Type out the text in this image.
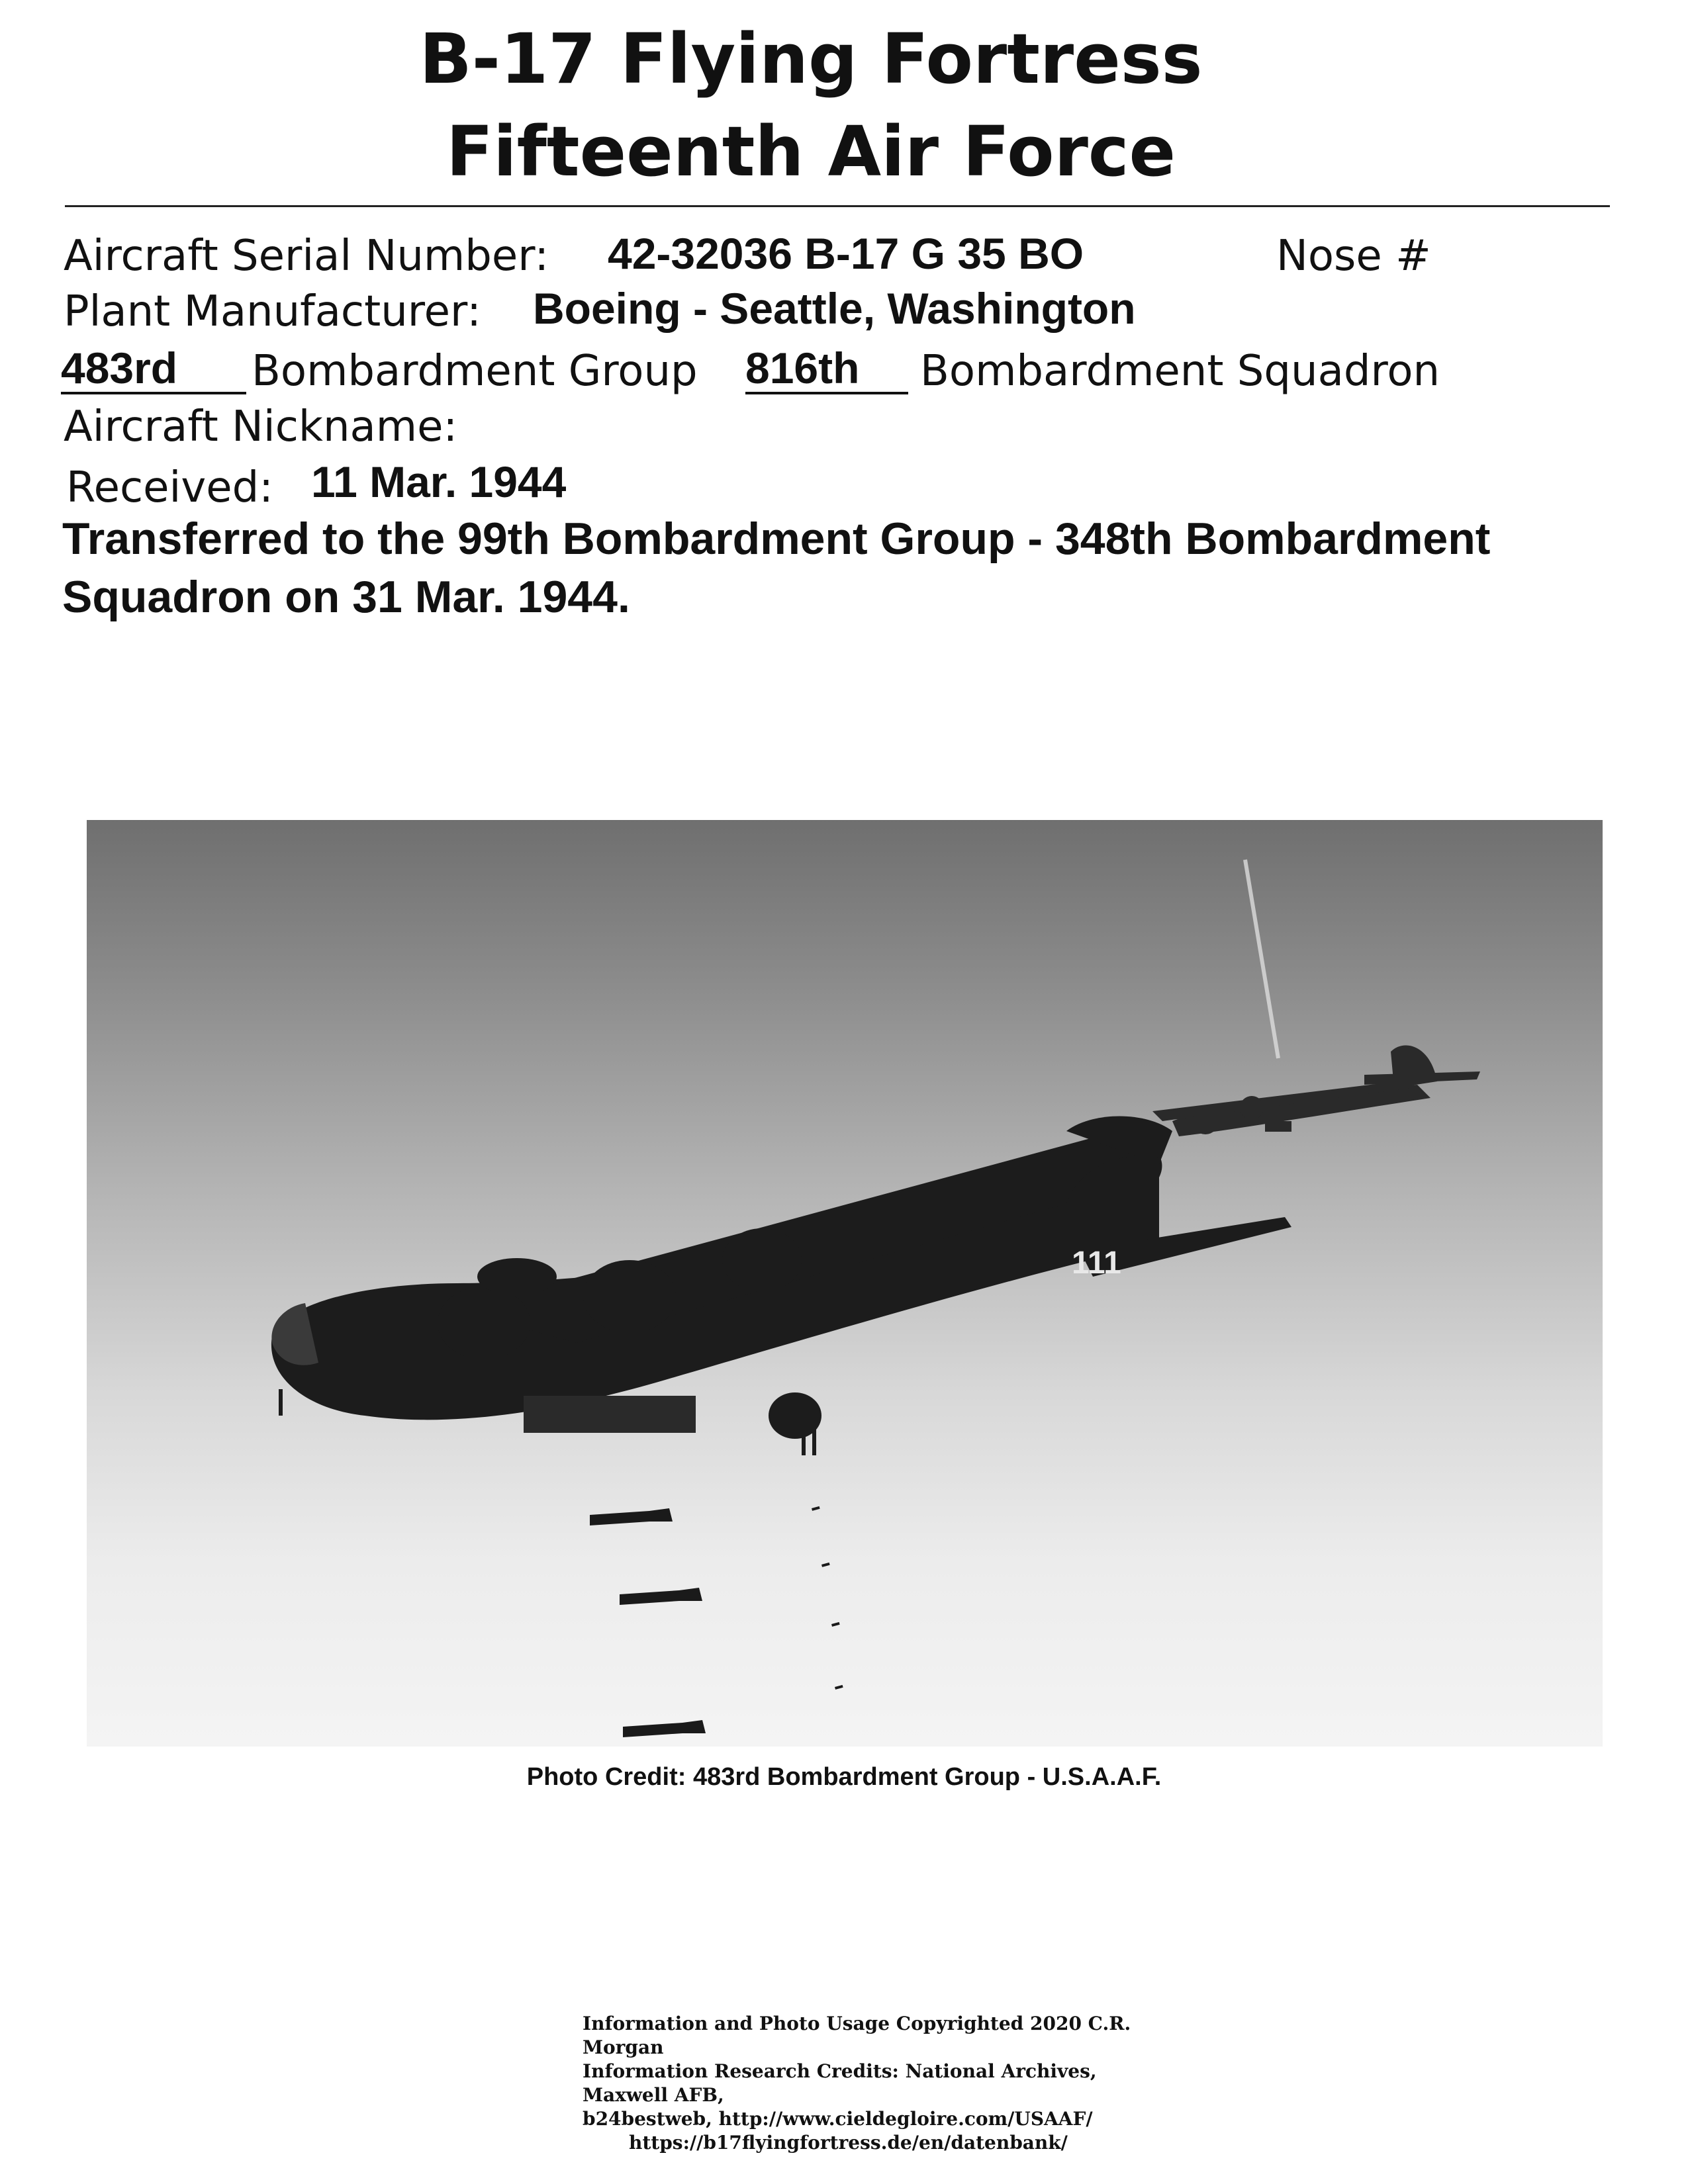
B-17 Flying Fortress
Fifteenth Air Force
Aircraft Serial Number: 42-32036 B-17 G 35 BO	Nose #
Plant Manufacturer: Boeing - Seattle, Washington
483rd	Bombardment Group 816th	Bombardment Squadron
Aircraft Nickname:
Received: 11 Mar. 1944
Transferred to the 99th Bombardment Group - 348th Bombardment Squadron on 31 Mar. 1944.
111
Photo Credit: 483rd Bombardment Group - U.S.A.A.F.
Information and Photo Usage Copyrighted 2020 C.R. Morgan
Information Research Credits: National Archives, Maxwell AFB,
b24bestweb, http://www.cieldegloire.com/USAAF/
https://b17flyingfortress.de/en/datenbank/
